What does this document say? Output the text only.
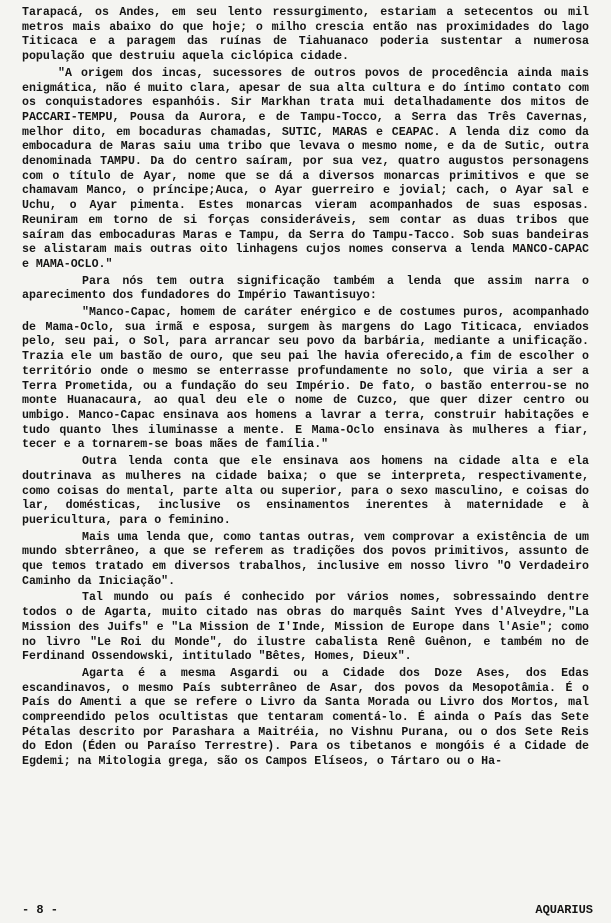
Tarapacá, os Andes, em seu lento ressurgimento, estariam a setecentos ou mil metros mais abaixo do que hoje; o milho crescia então nas proximidades do lago Titicaca e a paragem das ruínas de Tiahuanaco poderia sustentar a numerosa população que destruiu aquela ciclópica cidade.

"A origem dos incas, sucessores de outros povos de procedência ainda mais enigmática, não é muito clara, apesar de sua alta cultura e do íntimo contato com os conquistadores espanhóis. Sir Markhan trata mui detalhadamente dos mitos de PACCARI-TEMPU, Pousa da Aurora, e de Tampu-Tocco, a Serra das Três Cavernas, melhor dito, em bocaduras chamadas, SUTIC, MARAS e CEAPAC. A lenda diz como da embocadura de Maras saiu uma tribo que levava o mesmo nome, e da de Sutic, outra denominada TAMPU. Da do centro saíram, por sua vez, quatro augustos personagens com o título de Ayar, nome que se dá a diversos monarcas primitivos e que se chamavam Manco, o príncipe;Auca, o Ayar guerreiro e jovial; cach, o Ayar sal e Uchu, o Ayar pimenta. Estes monarcas vieram acompanhados de suas esposas. Reuniram em torno de si forças consideráveis, sem contar as duas tribos que saíram das embocaduras Maras e Tampu, da Serra do Tampu-Tacco. Sob suas bandeiras se alistaram mais outras oito linhagens cujos nomes conserva a lenda MANCO-CAPAC e MAMA-OCLO."

Para nós tem outra significação também a lenda que assim narra o aparecimento dos fundadores do Império Tawantisuyo:

"Manco-Capac, homem de caráter enérgico e de costumes puros, acompanhado de Mama-Oclo, sua irmã e esposa, surgem às margens do Lago Titicaca, enviados pelo, seu pai, o Sol, para arrancar seu povo da barbária, mediante a unificação. Trazia ele um bastão de ouro, que seu pai lhe havia oferecido,a fim de escolher o território onde o mesmo se enterrasse profundamente no solo, que viria a ser a Terra Prometida, ou a fundação do seu Império. De fato, o bastão enterrou-se no monte Huanacaura, ao qual deu ele o nome de Cuzco, que quer dizer centro ou umbigo. Manco-Capac ensinava aos homens a lavrar a terra, construir habitações e tudo quanto lhes iluminasse a mente. E Mama-Oclo ensinava às mulheres a fiar, tecer e a tornarem-se boas mães de família."

Outra lenda conta que ele ensinava aos homens na cidade alta e ela doutrinava as mulheres na cidade baixa; o que se interpreta, respectivamente, como coisas do mental, parte alta ou superior, para o sexo masculino, e coisas do lar, domésticas, inclusive os ensinamentos inerentes à maternidade e à puericultura, para o feminino.

Mais uma lenda que, como tantas outras, vem comprovar a existência de um mundo sbterrâneo, a que se referem as tradições dos povos primitivos, assunto de que temos tratado em diversos trabalhos, inclusive em nosso livro "O Verdadeiro Caminho da Iniciação".

Tal mundo ou país é conhecido por vários nomes, sobressaindo dentre todos o de Agarta, muito citado nas obras do marquês Saint Yves d'Alveydre,"La Mission des Juifs" e "La Mission de I'Inde, Mission de Europe dans l'Asie"; como no livro "Le Roi du Monde", do ilustre cabalista Renê Guênon, e também no de Ferdinand Ossendowski, intitulado "Bêtes, Homes, Dieux".

Agarta é a mesma Asgardi ou a Cidade dos Doze Ases, dos Edas escandinavos, o mesmo País subterrâneo de Asar, dos povos da Mesopotâmia. É o País do Amenti a que se refere o Livro da Santa Morada ou Livro dos Mortos, mal compreendido pelos ocultistas que tentaram comentá-lo. É ainda o País das Sete Pétalas descrito por Parashara a Maitréia, no Vishnu Purana, ou o dos Sete Reis do Edon (Éden ou Paraíso Terrestre). Para os tibetanos e mongóis é a Cidade de Egdemi; na Mitologia grega, são os Campos Elíseos, o Tártaro ou o Ha-

- 8 -	AQUARIUS
